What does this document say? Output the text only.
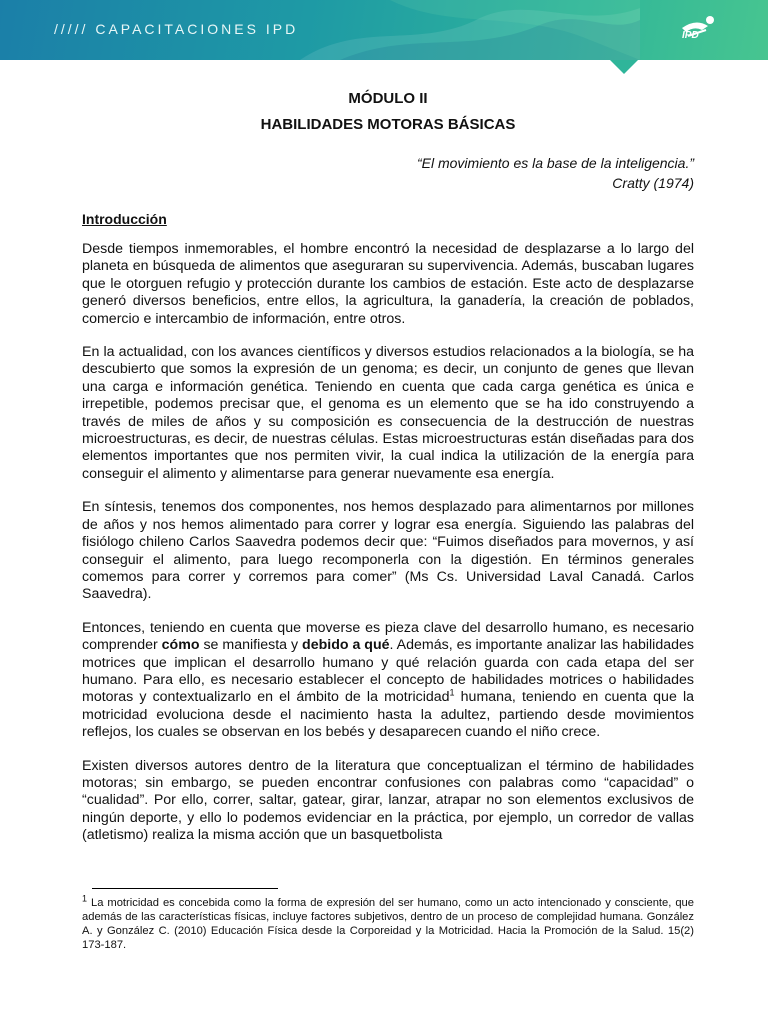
///// CAPACITACIONES IPD	IPD
MÓDULO II
HABILIDADES MOTORAS BÁSICAS

“El movimiento es la base de la inteligencia.”

Cratty (1974)

Introducción

Desde tiempos inmemorables, el hombre encontró la necesidad de desplazarse a lo largo del planeta en búsqueda de alimentos que aseguraran su supervivencia. Además, buscaban lugares que le otorguen refugio y protección durante los cambios de estación. Este acto de desplazarse generó diversos beneficios, entre ellos, la agricultura, la ganadería, la creación de poblados, comercio e intercambio de información, entre otros.

En la actualidad, con los avances científicos y diversos estudios relacionados a la biología, se ha descubierto que somos la expresión de un genoma; es decir, un conjunto de genes que llevan una carga e información genética. Teniendo en cuenta que cada carga genética es única e irrepetible, podemos precisar que, el genoma es un elemento que se ha ido construyendo a través de miles de años y su composición es consecuencia de la destrucción de nuestras microestructuras, es decir, de nuestras células. Estas microestructuras están diseñadas para dos elementos importantes que nos permiten vivir, la cual indica la utilización de la energía para conseguir el alimento y alimentarse para generar nuevamente esa energía.

En síntesis, tenemos dos componentes, nos hemos desplazado para alimentarnos por millones de años y nos hemos alimentado para correr y lograr esa energía. Siguiendo las palabras del fisiólogo chileno Carlos Saavedra podemos decir que: “Fuimos diseñados para movernos, y así conseguir el alimento, para luego recomponerla con la digestión. En términos generales comemos para correr y corremos para comer” (Ms Cs. Universidad Laval Canadá. Carlos Saavedra).

Entonces, teniendo en cuenta que moverse es pieza clave del desarrollo humano, es necesario comprender cómo se manifiesta y debido a qué. Además, es importante analizar las habilidades motrices que implican el desarrollo humano y qué relación guarda con cada etapa del ser humano. Para ello, es necesario establecer el concepto de habilidades motrices o habilidades motoras y contextualizarlo en el ámbito de la motricidad$^1$ humana, teniendo en cuenta que la motricidad evoluciona desde el nacimiento hasta la adultez, partiendo desde movimientos reflejos, los cuales se observan en los bebés y desaparecen cuando el niño crece.

Existen diversos autores dentro de la literatura que conceptualizan el término de habilidades motoras; sin embargo, se pueden encontrar confusiones con palabras como “capacidad” o “cualidad”. Por ello, correr, saltar, gatear, girar, lanzar, atrapar no son elementos exclusivos de ningún deporte, y ello lo podemos evidenciar en la práctica, por ejemplo, un corredor de vallas (atletismo) realiza la misma acción que un basquetbolista

$^1$ La motricidad es concebida como la forma de expresión del ser humano, como un acto intencionado y consciente, que además de las características físicas, incluye factores subjetivos, dentro de un proceso de complejidad humana. González A. y González C. (2010) Educación Física desde la Corporeidad y la Motricidad. Hacia la Promoción de la Salud. 15(2) 173-187.
